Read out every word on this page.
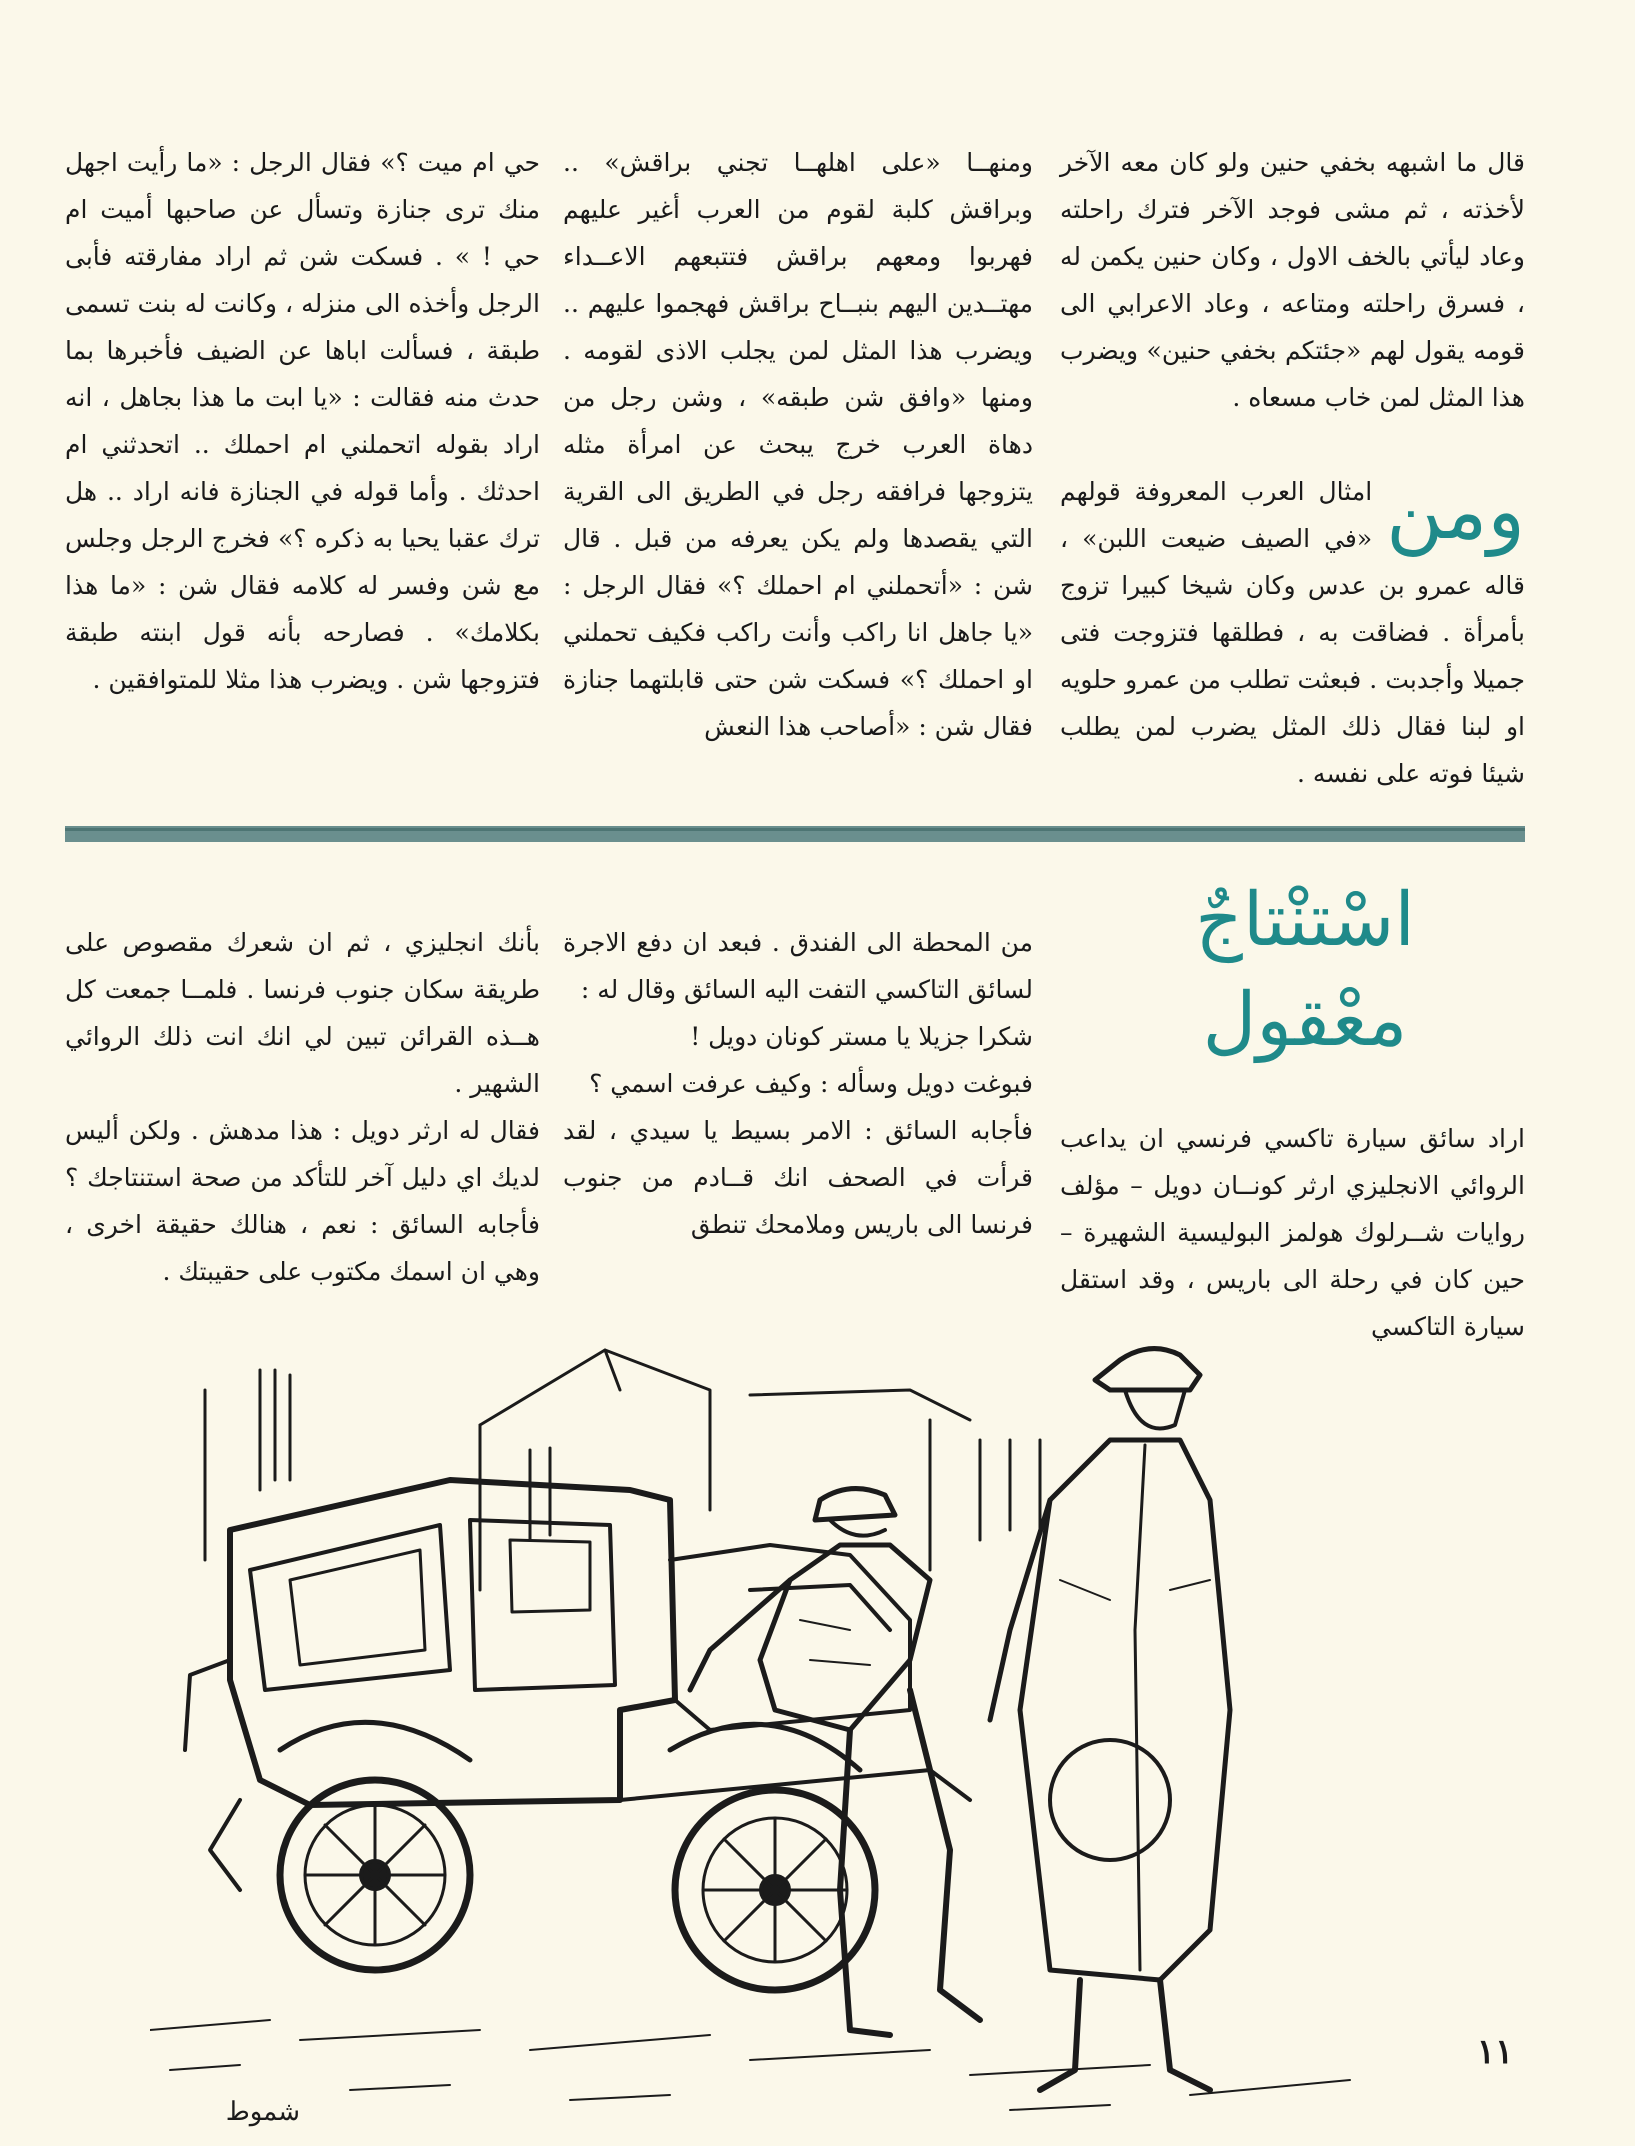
قال ما اشبهه بخفي حنين ولو كان معه الآخر لأخذته ، ثم مشى فوجد الآخر فترك راحلته وعاد ليأتي بالخف الاول ، وكان حنين يكمن له ، فسرق راحلته ومتاعه ، وعاد الاعرابي الى قومه يقول لهم «جئتكم بخفي حنين» ويضرب هذا المثل لمن خاب مسعاه .

ومن
امثال العرب المعروفة قولهم «في الصيف ضيعت اللبن» ، قاله عمرو بن عدس وكان شيخا كبيرا تزوج بأمرأة . فضاقت به ، فطلقها فتزوجت فتى جميلا وأجدبت . فبعثت تطلب من عمرو حلويه او لبنا فقال ذلك المثل يضرب لمن يطلب شيئا فوته على نفسه .

ومنهــا «على اهلهــا تجني براقش» .. وبراقش كلبة لقوم من العرب أغير عليهم فهربوا ومعهم براقش فتتبعهم الاعــداء مهتــدين اليهم بنبــاح براقش فهجموا عليهم .. ويضرب هذا المثل لمن يجلب الاذى لقومه . ومنها «وافق شن طبقه» ، وشن رجل من دهاة العرب خرج يبحث عن امرأة مثله يتزوجها فرافقه رجل في الطريق الى القرية التي يقصدها ولم يكن يعرفه من قبل . قال شن : «أتحملني ام احملك ؟» فقال الرجل : «يا جاهل انا راكب وأنت راكب فكيف تحملني او احملك ؟» فسكت شن حتى قابلتهما جنازة فقال شن : «أصاحب هذا النعش

حي ام ميت ؟» فقال الرجل : «ما رأيت اجهل منك ترى جنازة وتسأل عن صاحبها أميت ام حي ! » . فسكت شن ثم اراد مفارقته فأبى الرجل وأخذه الى منزله ، وكانت له بنت تسمى طبقة ، فسألت اباها عن الضيف فأخبرها بما حدث منه فقالت : «يا ابت ما هذا بجاهل ، انه اراد بقوله اتحملني ام احملك .. اتحدثني ام احدثك . وأما قوله في الجنازة فانه اراد .. هل ترك عقبا يحيا به ذكره ؟» فخرج الرجل وجلس مع شن وفسر له كلامه فقال شن : «ما هذا بكلامك» . فصارحه بأنه قول ابنته طبقة فتزوجها شن . ويضرب هذا مثلا للمتوافقين .

اسْتنْتاجٌ
معْقول

اراد سائق سيارة تاكسي فرنسي ان يداعب الروائي الانجليزي ارثر كونــان دويل – مؤلف روايات شــرلوك هولمز البوليسية الشهيرة – حين كان في رحلة الى باريس ، وقد استقل سيارة التاكسي

من المحطة الى الفندق . فبعد ان دفع الاجرة لسائق التاكسي التفت اليه السائق وقال له :
شكرا جزيلا يا مستر كونان دويل !
فبوغت دويل وسأله : وكيف عرفت اسمي ؟
فأجابه السائق : الامر بسيط يا سيدي ، لقد قرأت في الصحف انك قــادم من جنوب فرنسا الى باريس وملامحك تنطق

بأنك انجليزي ، ثم ان شعرك مقصوص على طريقة سكان جنوب فرنسا . فلمــا جمعت كل هــذه القرائن تبين لي انك انت ذلك الروائي الشهير .
فقال له ارثر دويل : هذا مدهش . ولكن أليس لديك اي دليل آخر للتأكد من صحة استنتاجك ؟ فأجابه السائق : نعم ، هنالك حقيقة اخرى ، وهي ان اسمك مكتوب على حقيبتك .

شموط
١١
